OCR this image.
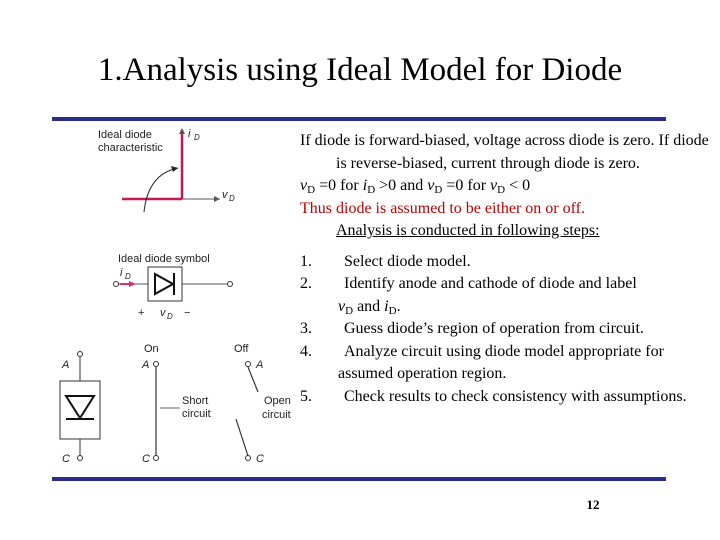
1.Analysis using Ideal Model for Diode
Ideal diode
characteristic
i D
v D
Ideal diode symbol
i D
+ v D −
A
C
On
A
C
Short
circuit
Off
A
C
Open
circuit

If diode is forward-biased, voltage across diode is zero. If diode is reverse-biased, current through diode is zero.

$v_D =0$ for $i_D >0$ and $v_D =0$ for $v_D < 0$

Thus diode is assumed to be either on or off.

Analysis is conducted in following steps:

1. Select diode model.
2. Identify anode and cathode of diode and label
$v_D$ and $i_D$.
3. Guess diode’s region of operation from circuit.
4. Analyze circuit using diode model appropriate for assumed operation region.
5. Check results to check consistency with assumptions.
12
